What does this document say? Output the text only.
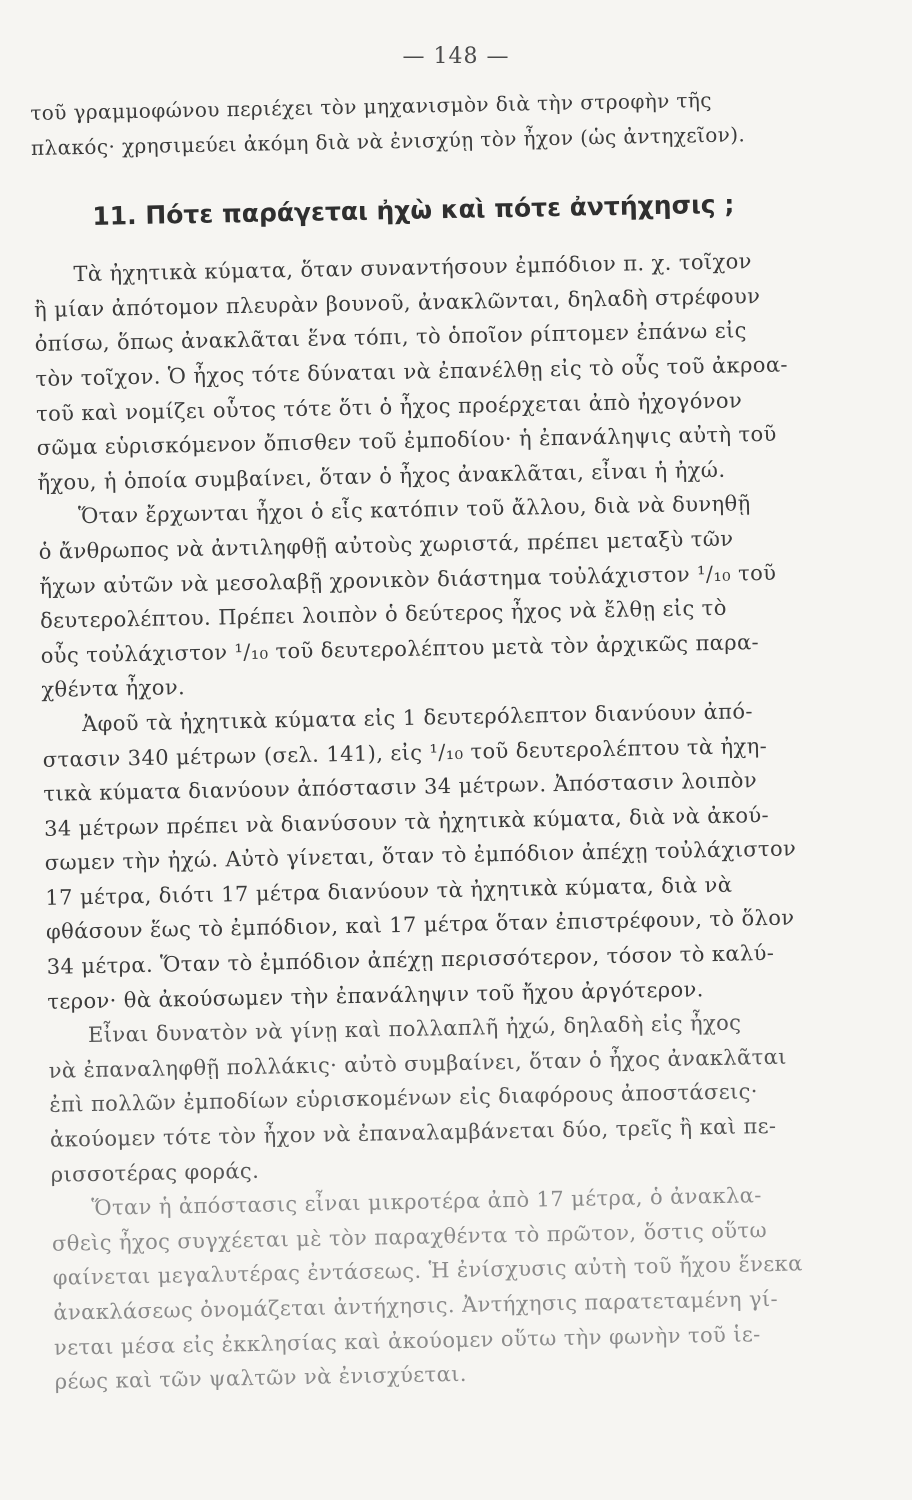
— 148 —
τοῦ γραμμοφώνου περιέχει τὸν μηχανισμὸν διὰ τὴν στροφὴν τῆς
πλακός· χρησιμεύει ἀκόμη διὰ νὰ ἐνισχύῃ τὸν ἦχον (ὡς ἀντηχεῖον).
11. Πότε παράγεται ἠχὼ καὶ πότε ἀντήχησις ;
Τὰ ἠχητικὰ κύματα, ὅταν συναντήσουν ἐμπόδιον π. χ. τοῖχον
ἢ μίαν ἀπότομον πλευρὰν βουνοῦ, ἀνακλῶνται, δηλαδὴ στρέφουν
ὀπίσω, ὅπως ἀνακλᾶται ἕνα τόπι, τὸ ὁποῖον ρίπτομεν ἐπάνω εἰς
τὸν τοῖχον. Ὁ ἦχος τότε δύναται νὰ ἐπανέλθῃ εἰς τὸ οὖς τοῦ ἀκροα-
τοῦ καὶ νομίζει οὗτος τότε ὅτι ὁ ἦχος προέρχεται ἀπὸ ἠχογόνον
σῶμα εὑρισκόμενον ὄπισθεν τοῦ ἐμποδίου· ἡ ἐπανάληψις αὐτὴ τοῦ
ἤχου, ἡ ὁποία συμβαίνει, ὅταν ὁ ἦχος ἀνακλᾶται, εἶναι ἡ ἠχώ.
Ὅταν ἔρχωνται ἦχοι ὁ εἷς κατόπιν τοῦ ἄλλου, διὰ νὰ δυνηθῇ
ὁ ἄνθρωπος νὰ ἀντιληφθῇ αὐτοὺς χωριστά, πρέπει μεταξὺ τῶν
ἤχων αὐτῶν νὰ μεσολαβῇ χρονικὸν διάστημα τοὐλάχιστον ¹/₁₀ τοῦ
δευτερολέπτου. Πρέπει λοιπὸν ὁ δεύτερος ἦχος νὰ ἔλθῃ εἰς τὸ
οὖς τοὐλάχιστον ¹/₁₀ τοῦ δευτερολέπτου μετὰ τὸν ἀρχικῶς παρα-
χθέντα ἦχον.
Ἀφοῦ τὰ ἠχητικὰ κύματα εἰς 1 δευτερόλεπτον διανύουν ἀπό-
στασιν 340 μέτρων (σελ. 141), εἰς ¹/₁₀ τοῦ δευτερολέπτου τὰ ἠχη-
τικὰ κύματα διανύουν ἀπόστασιν 34 μέτρων. Ἀπόστασιν λοιπὸν
34 μέτρων πρέπει νὰ διανύσουν τὰ ἠχητικὰ κύματα, διὰ νὰ ἀκού-
σωμεν τὴν ἠχώ. Αὐτὸ γίνεται, ὅταν τὸ ἐμπόδιον ἀπέχῃ τοὐλάχιστον
17 μέτρα, διότι 17 μέτρα διανύουν τὰ ἠχητικὰ κύματα, διὰ νὰ
φθάσουν ἕως τὸ ἐμπόδιον, καὶ 17 μέτρα ὅταν ἐπιστρέφουν, τὸ ὅλον
34 μέτρα. Ὅταν τὸ ἐμπόδιον ἀπέχῃ περισσότερον, τόσον τὸ καλύ-
τερον· θὰ ἀκούσωμεν τὴν ἐπανάληψιν τοῦ ἤχου ἀργότερον.
Εἶναι δυνατὸν νὰ γίνῃ καὶ πολλαπλῆ ἠχώ, δηλαδὴ εἰς ἦχος
νὰ ἐπαναληφθῇ πολλάκις· αὐτὸ συμβαίνει, ὅταν ὁ ἦχος ἀνακλᾶται
ἐπὶ πολλῶν ἐμποδίων εὑρισκομένων εἰς διαφόρους ἀποστάσεις·
ἀκούομεν τότε τὸν ἦχον νὰ ἐπαναλαμβάνεται δύο, τρεῖς ἢ καὶ πε-
ρισσοτέρας φοράς.
Ὅταν ἡ ἀπόστασις εἶναι μικροτέρα ἀπὸ 17 μέτρα, ὁ ἀνακλα-
σθεὶς ἦχος συγχέεται μὲ τὸν παραχθέντα τὸ πρῶτον, ὅστις οὕτω
φαίνεται μεγαλυτέρας ἐντάσεως. Ἡ ἐνίσχυσις αὐτὴ τοῦ ἤχου ἕνεκα
ἀνακλάσεως ὀνομάζεται ἀντήχησις. Ἀντήχησις παρατεταμένη γί-
νεται μέσα εἰς ἐκκλησίας καὶ ἀκούομεν οὕτω τὴν φωνὴν τοῦ ἱε-
ρέως καὶ τῶν ψαλτῶν νὰ ἐνισχύεται.
